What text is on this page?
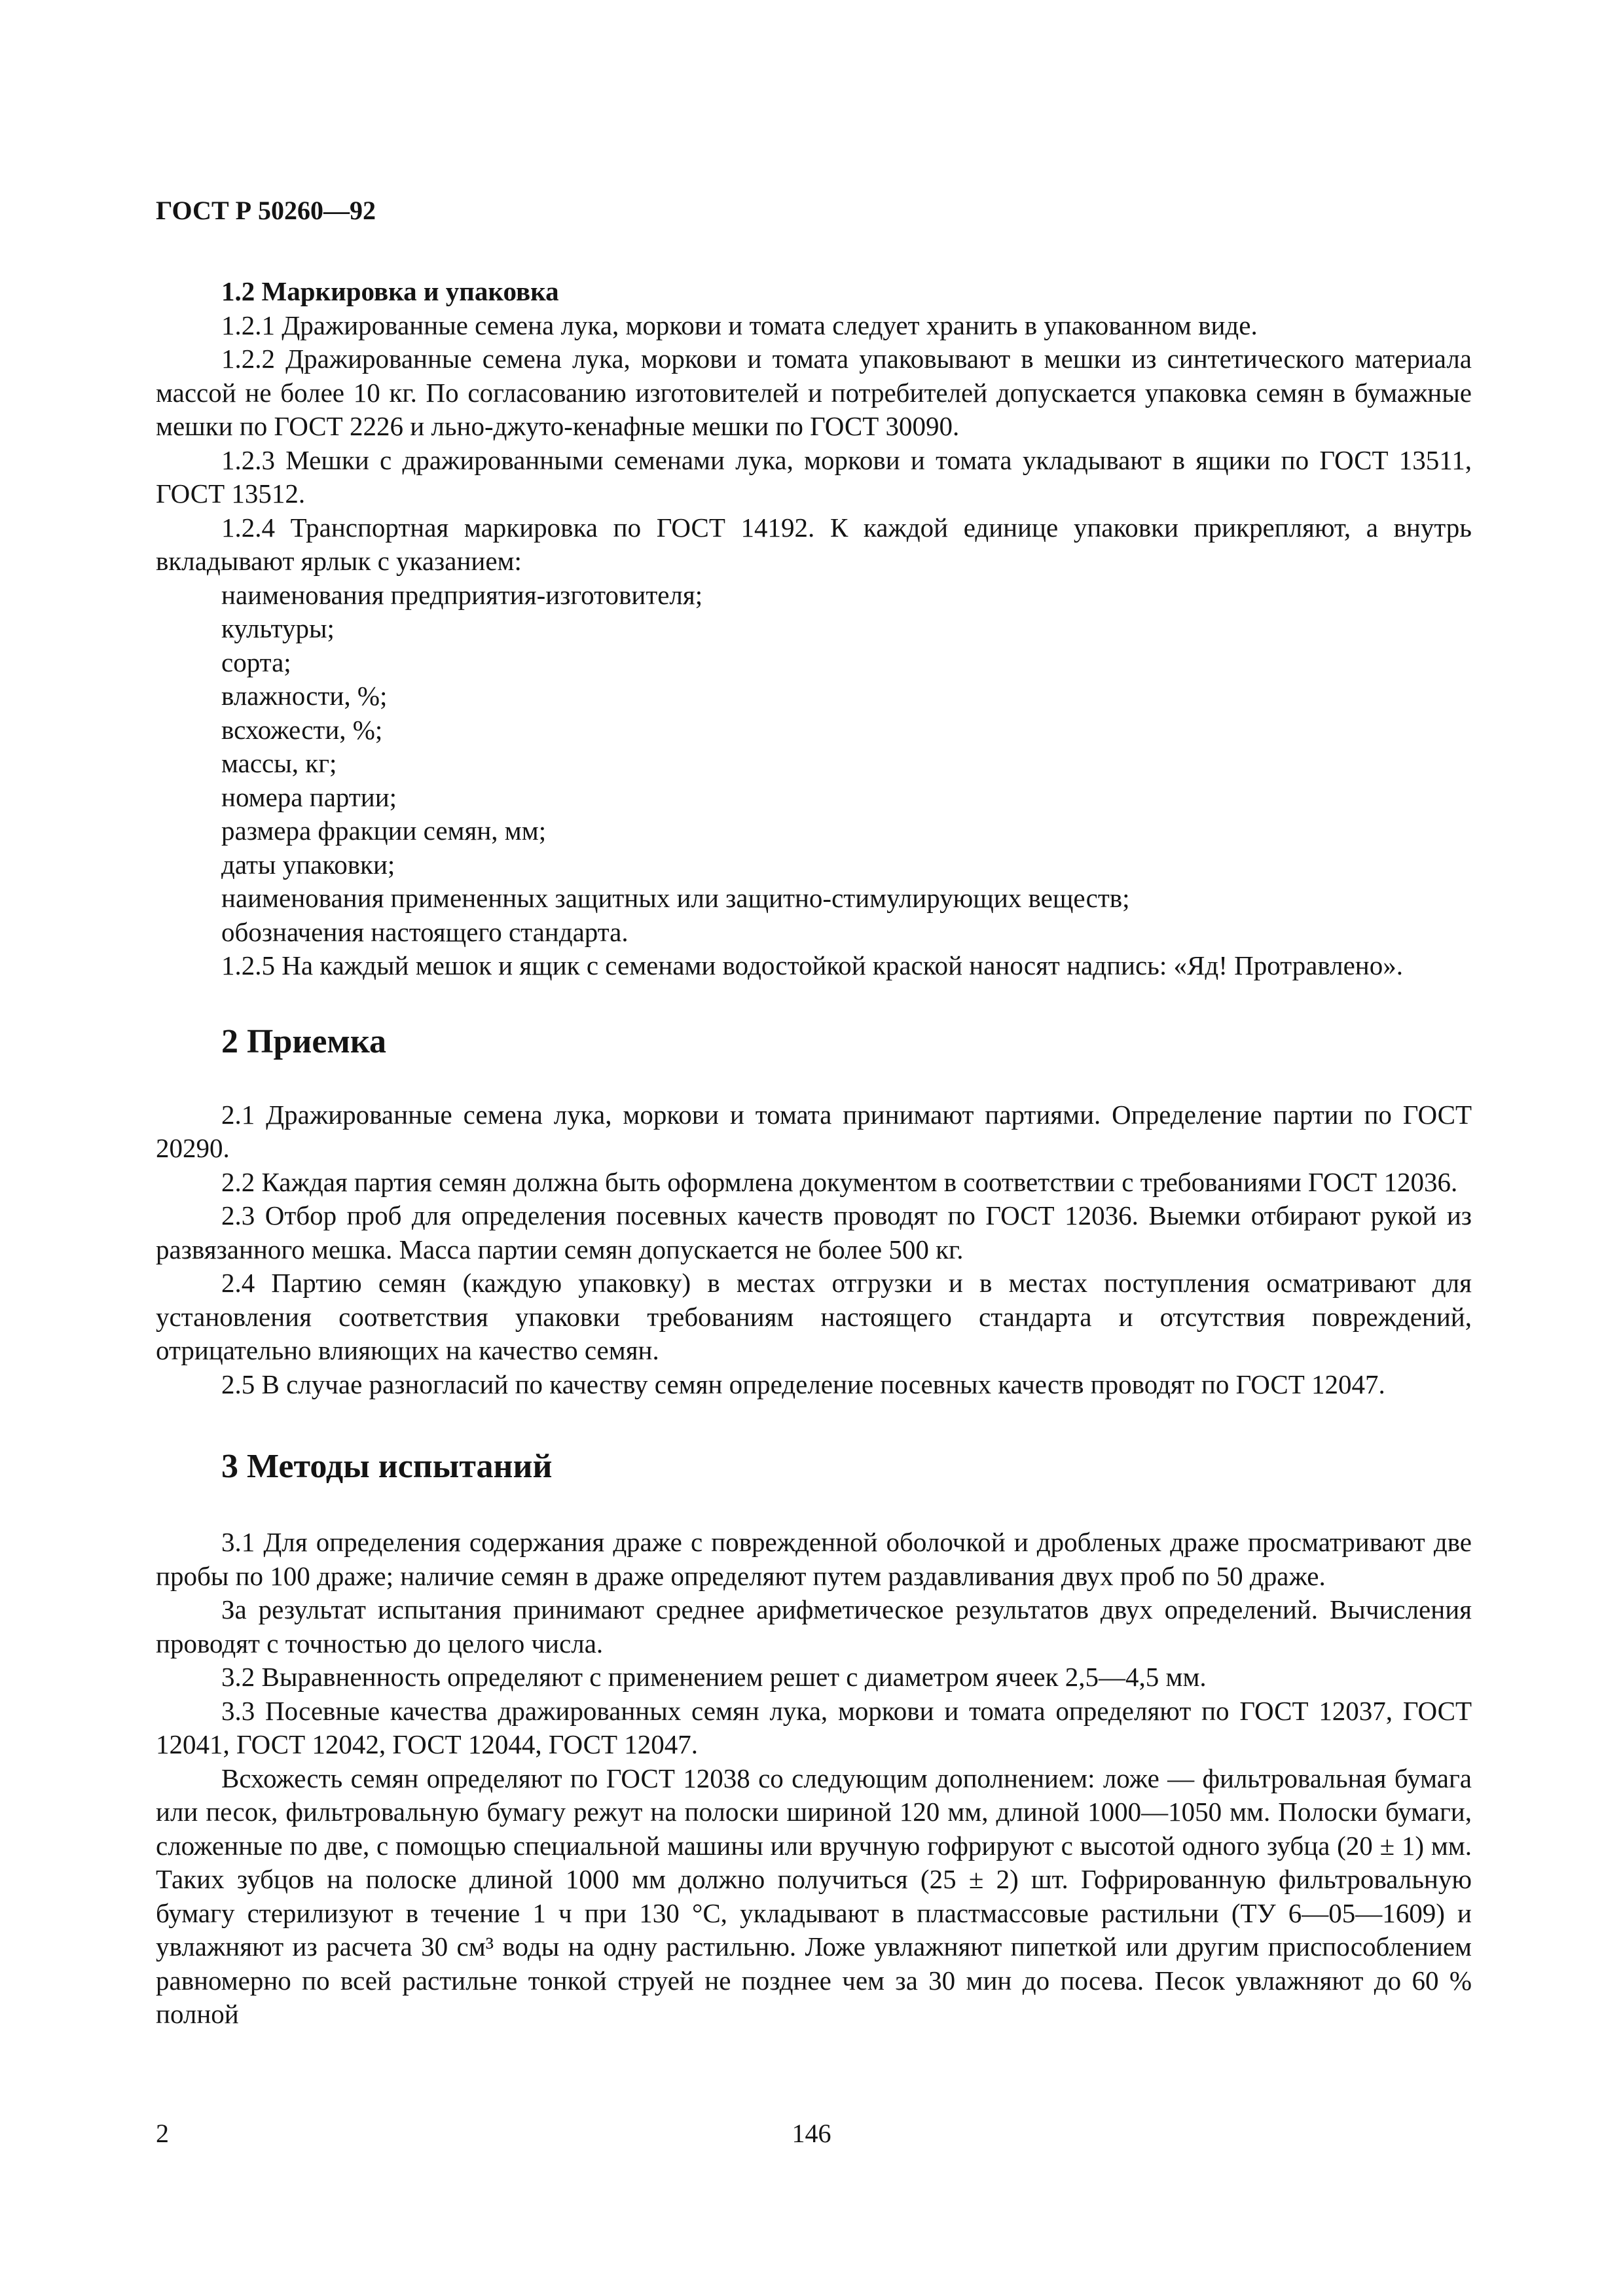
ГОСТ Р 50260—92

1.2 Маркировка и упаковка

1.2.1 Дражированные семена лука, моркови и томата следует хранить в упакованном виде.

1.2.2 Дражированные семена лука, моркови и томата упаковывают в мешки из синтетического материала массой не более 10 кг. По согласованию изготовителей и потребителей допускается упаковка семян в бумажные мешки по ГОСТ 2226 и льно-джуто-кенафные мешки по ГОСТ 30090.

1.2.3 Мешки с дражированными семенами лука, моркови и томата укладывают в ящики по ГОСТ 13511, ГОСТ 13512.

1.2.4 Транспортная маркировка по ГОСТ 14192. К каждой единице упаковки прикрепляют, а внутрь вкладывают ярлык с указанием:

наименования предприятия-изготовителя;

культуры;

сорта;

влажности, %;

всхожести, %;

массы, кг;

номера партии;

размера фракции семян, мм;

даты упаковки;

наименования примененных защитных или защитно-стимулирующих веществ;

обозначения настоящего стандарта.

1.2.5 На каждый мешок и ящик с семенами водостойкой краской наносят надпись: «Яд! Протравлено».

2 Приемка

2.1 Дражированные семена лука, моркови и томата принимают партиями. Определение партии по ГОСТ 20290.

2.2 Каждая партия семян должна быть оформлена документом в соответствии с требованиями ГОСТ 12036.

2.3 Отбор проб для определения посевных качеств проводят по ГОСТ 12036. Выемки отбирают рукой из развязанного мешка. Масса партии семян допускается не более 500 кг.

2.4 Партию семян (каждую упаковку) в местах отгрузки и в местах поступления осматривают для установления соответствия упаковки требованиям настоящего стандарта и отсутствия повреждений, отрицательно влияющих на качество семян.

2.5 В случае разногласий по качеству семян определение посевных качеств проводят по ГОСТ 12047.

3 Методы испытаний

3.1 Для определения содержания драже с поврежденной оболочкой и дробленых драже просматривают две пробы по 100 драже; наличие семян в драже определяют путем раздавливания двух проб по 50 драже.

За результат испытания принимают среднее арифметическое результатов двух определений. Вычисления проводят с точностью до целого числа.

3.2 Выравненность определяют с применением решет с диаметром ячеек 2,5—4,5 мм.

3.3 Посевные качества дражированных семян лука, моркови и томата определяют по ГОСТ 12037, ГОСТ 12041, ГОСТ 12042, ГОСТ 12044, ГОСТ 12047.

Всхожесть семян определяют по ГОСТ 12038 со следующим дополнением: ложе — фильтровальная бумага или песок, фильтровальную бумагу режут на полоски шириной 120 мм, длиной 1000—1050 мм. Полоски бумаги, сложенные по две, с помощью специальной машины или вручную гофрируют с высотой одного зубца (20 ± 1) мм. Таких зубцов на полоске длиной 1000 мм должно получиться (25 ± 2) шт. Гофрированную фильтровальную бумагу стерилизуют в течение 1 ч при 130 °С, укладывают в пластмассовые растильни (ТУ 6—05—1609) и увлажняют из расчета 30 см³ воды на одну растильню. Ложе увлажняют пипеткой или другим приспособлением равномерно по всей растильне тонкой струей не позднее чем за 30 мин до посева. Песок увлажняют до 60 % полной

2	146
